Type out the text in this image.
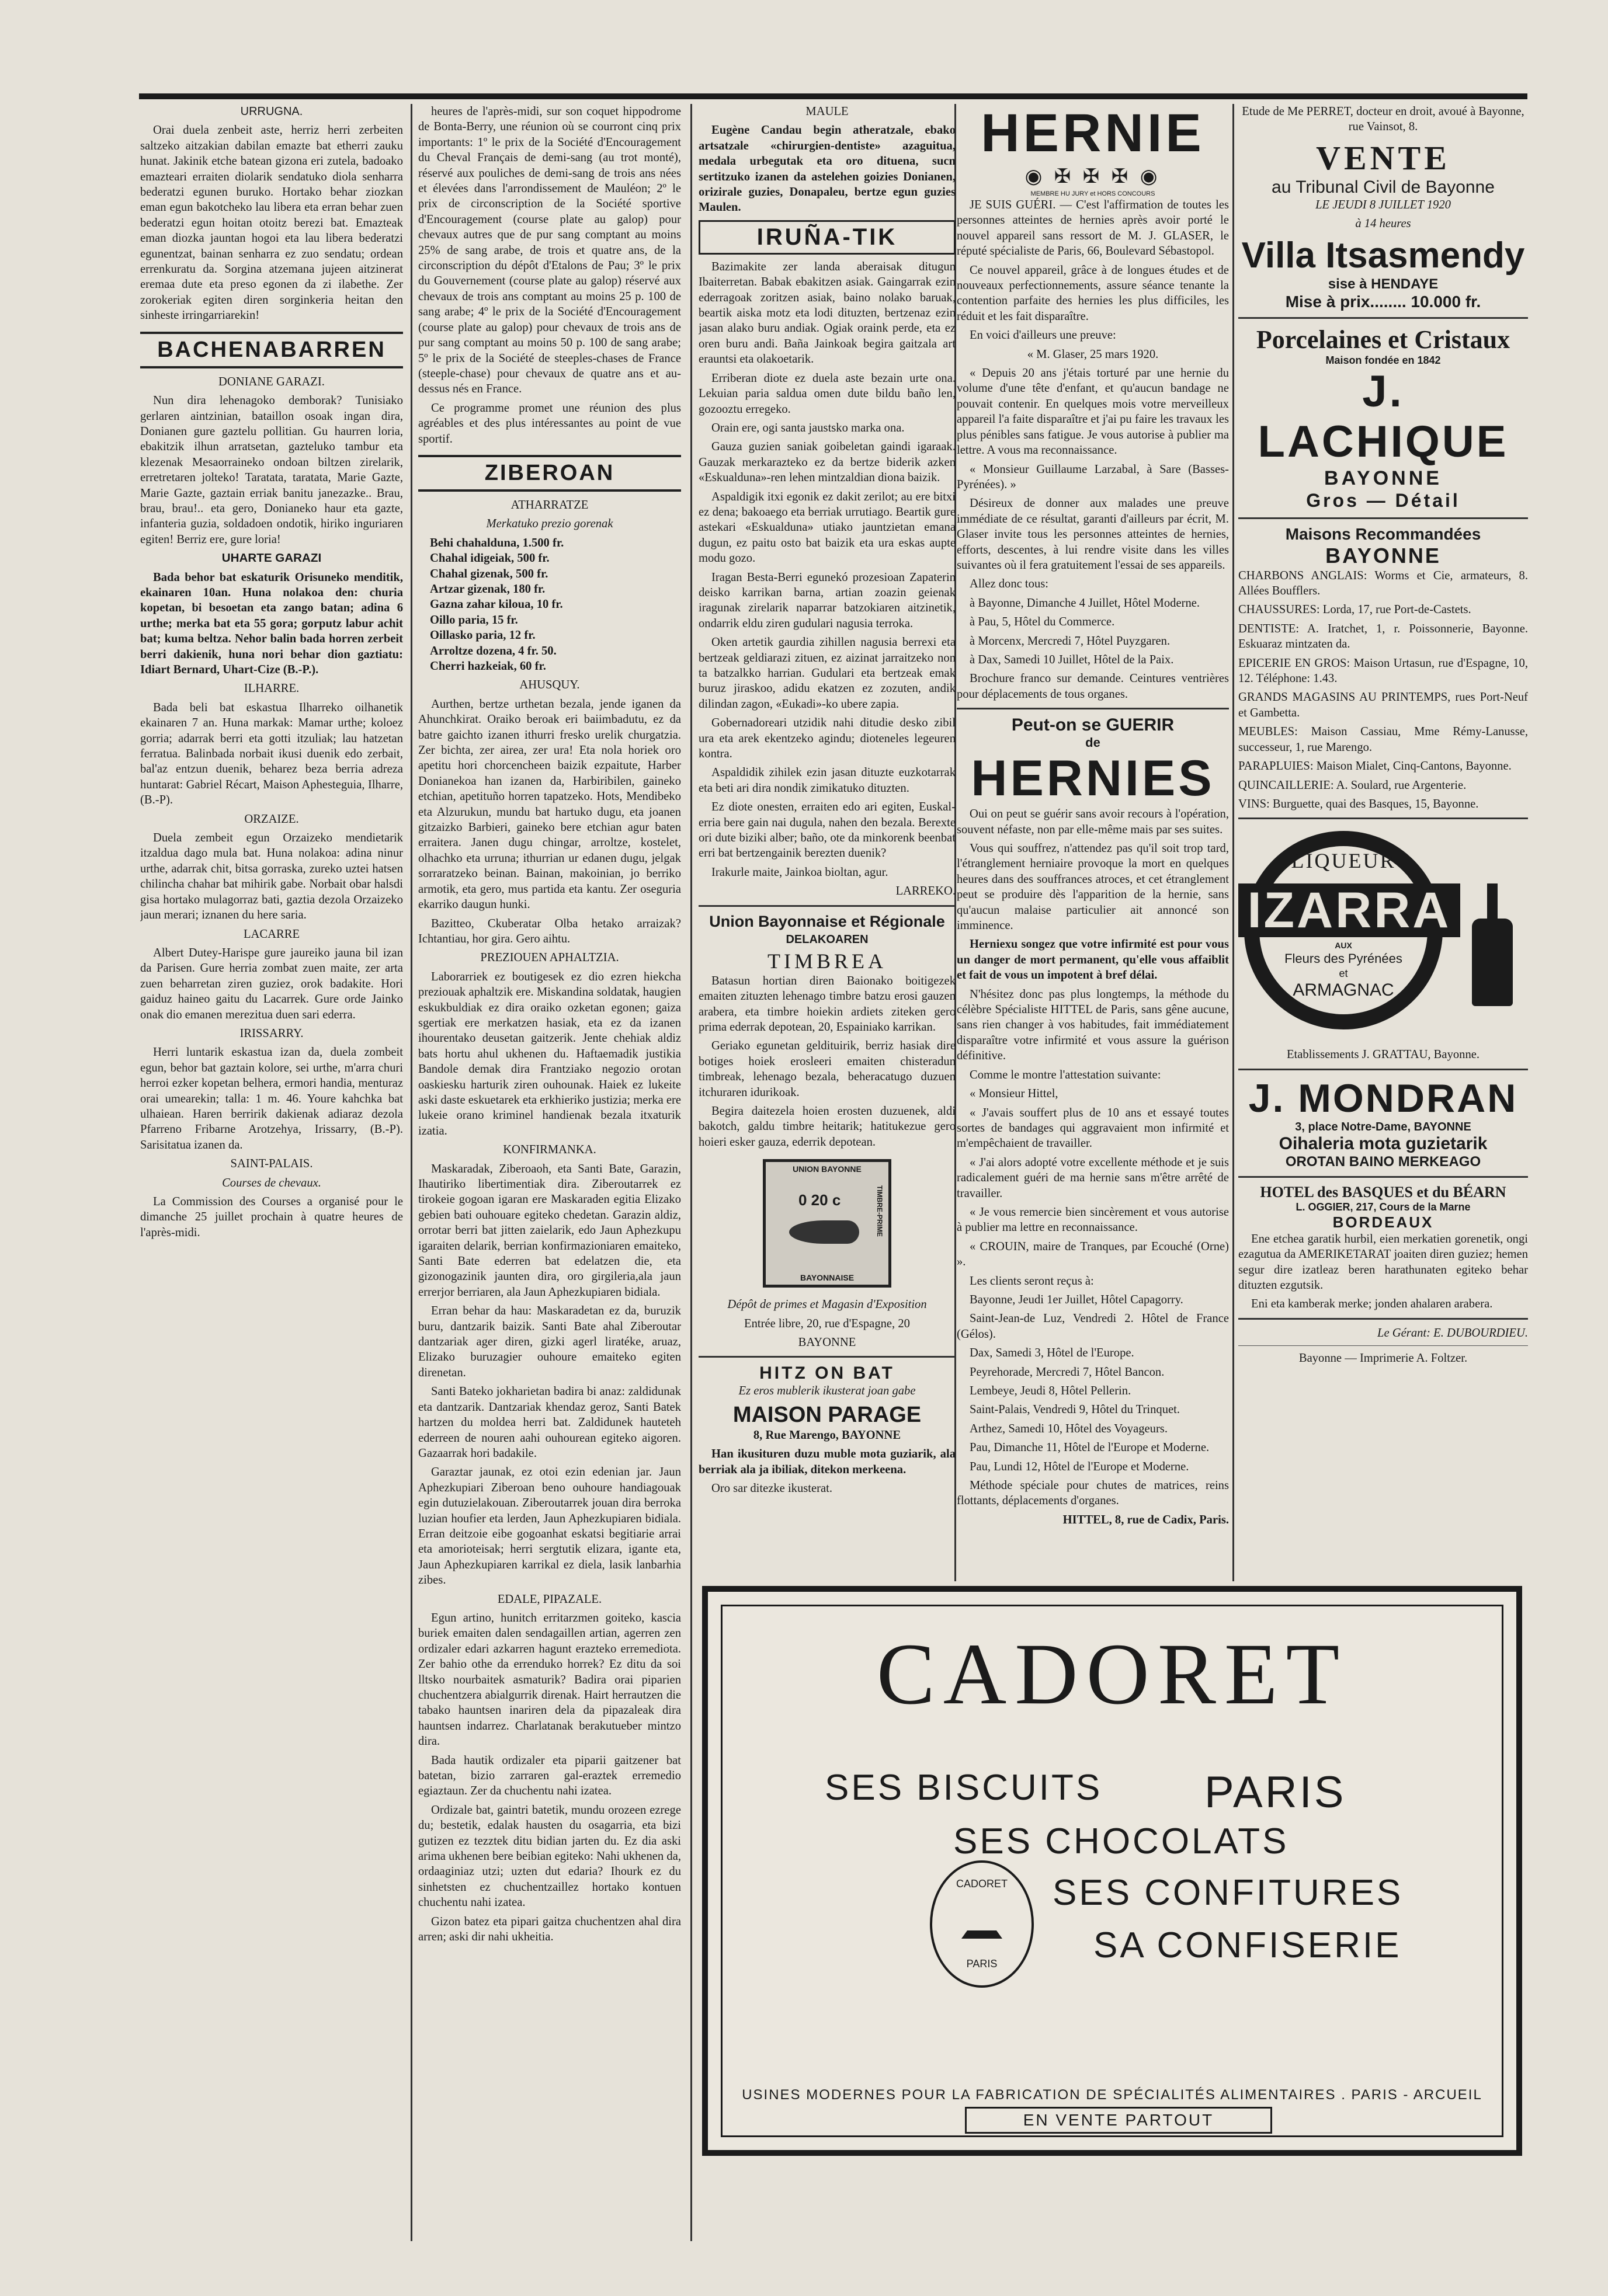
URRUGNA.

Orai duela zenbeit aste, herriz herri zerbeiten saltzeko aitzakian dabilan emazte bat etherri zauku hunat. Jakinik etche batean gizona eri zutela, badoako emazteari erraiten diolarik sendatuko diola senharra bederatzi egunen buruko. Hortako behar ziozkan eman egun bakotcheko lau libera eta erran behar zuen bederatzi egun hoitan otoitz berezi bat. Emazteak eman diozka jauntan hogoi eta lau libera bederatzi egunentzat, bainan senharra ez zuo sendatu; ordean errenkuratu da. Sorgina atzemana jujeen aitzinerat eremaa dute eta preso egonen da zi ilabethe. Zer zorokeriak egiten diren sorginkeria heitan den sinheste irringarriarekin!

BACHENABARREN

DONIANE GARAZI.

Nun dira lehenagoko demborak? Tunisiako gerlaren aintzinian, bataillon osoak ingan dira, Donianen gure gaztelu pollitian. Gu haurren loria, ebakitzik ilhun arratsetan, gazteluko tambur eta klezenak Mesaorraineko ondoan biltzen zirelarik, erretretaren jolteko! Taratata, taratata, Marie Gazte, Marie Gazte, gaztain erriak banitu janezazke.. Brau, brau, brau!.. eta gero, Donianeko haur eta gazte, infanteria guzia, soldadoen ondotik, hiriko inguriaren egiten! Berriz ere, gure loria!

UHARTE GARAZI

Bada behor bat eskaturik Orisuneko menditik, ekainaren 10an. Huna nolakoa den: churia kopetan, bi besoetan eta zango batan; adina 6 urthe; merka bat eta 55 gora; gorputz labur achit bat; kuma beltza. Nehor balin bada horren zerbeit berri dakienik, huna nori behar dion gaztiatu: Idiart Bernard, Uhart-Cize (B.-P.).

ILHARRE.

Bada beli bat eskastua Ilharreko oilhanetik ekainaren 7 an. Huna markak: Mamar urthe; koloez gorria; adarrak berri eta gotti itzuliak; lau hatzetan ferratua. Balinbada norbait ikusi duenik edo zerbait, bal'az entzun duenik, beharez beza berria adreza huntarat: Gabriel Récart, Maison Aphesteguia, Ilharre, (B.-P).

ORZAIZE.

Duela zembeit egun Orzaizeko mendietarik itzaldua dago mula bat. Huna nolakoa: adina ninur urthe, adarrak chit, bitsa gorraska, zureko uztei hatsen chilincha chahar bat mihirik gabe. Norbait obar halsdi gisa hortako mulagorraz bati, gaztia dezola Orzaizeko jaun merari; iznanen du here saria.

LACARRE

Albert Dutey-Harispe gure jaureiko jauna bil izan da Parisen. Gure herria zombat zuen maite, zer arta zuen beharretan ziren guziez, orok badakite. Hori gaiduz haineo gaitu du Lacarrek. Gure orde Jainko onak dio emanen merezitua duen sari ederra.

IRISSARRY.

Herri luntarik eskastua izan da, duela zombeit egun, behor bat gaztain kolore, sei urthe, m'arra churi herroi ezker kopetan belhera, ermori handia, menturaz orai umearekin; talla: 1 m. 46. Youre kahchka bat ulhaiean. Haren berririk dakienak adiaraz dezola Pfarreno Fribarne Arotzehya, Irissarry, (B.-P). Sarisitatua izanen da.

SAINT-PALAIS.

Courses de chevaux.

La Commission des Courses a organisé pour le dimanche 25 juillet prochain à quatre heures de l'après-midi.

heures de l'après-midi, sur son coquet hippodrome de Bonta-Berry, une réunion où se courront cinq prix importants: 1º le prix de la Société d'Encouragement du Cheval Français de demi-sang (au trot monté), réservé aux pouliches de demi-sang de trois ans nées et élevées dans l'arrondissement de Mauléon; 2º le prix de circonscription de la Société sportive d'Encouragement (course plate au galop) pour chevaux autres que de pur sang comptant au moins 25% de sang arabe, de trois et quatre ans, de la circonscription du dépôt d'Etalons de Pau; 3º le prix du Gouvernement (course plate au galop) réservé aux chevaux de trois ans comptant au moins 25 p. 100 de sang arabe; 4º le prix de la Société d'Encouragement (course plate au galop) pour chevaux de trois ans de pur sang comptant au moins 50 p. 100 de sang arabe; 5º le prix de la Société de steeples-chases de France (steeple-chase) pour chevaux de quatre ans et au-dessus nés en France.

Ce programme promet une réunion des plus agréables et des plus intéressantes au point de vue sportif.

ZIBEROAN

ATHARRATZE

Merkatuko prezio gorenak

Behi chahalduna, 1.500 fr.

Chahal idigeiak, 500 fr.

Chahal gizenak, 500 fr.

Artzar gizenak, 180 fr.

Gazna zahar kiloua, 10 fr.

Oillo paria, 15 fr.

Oillasko paria, 12 fr.

Arroltze dozena, 4 fr. 50.

Cherri hazkeiak, 60 fr.

AHUSQUY.

Aurthen, bertze urthetan bezala, jende iganen da Ahunchkirat. Oraiko beroak eri baiimbadutu, ez da batre gaichto izanen ithurri fresko urelik churgatzia. Zer bichta, zer airea, zer ura! Eta nola horiek oro apetitu hori chorcencheen baizik ezpaitute, Harber Donianekoa han izanen da, Harbiribilen, gaineko etchian, apetituño horren tapatzeko. Hots, Mendibeko eta Alzurukun, mundu bat hartuko dugu, eta joanen gitzaizko Barbieri, gaineko bere etchian agur baten erraitera. Janen dugu chingar, arroltze, kostelet, olhachko eta urruna; ithurrian ur edanen dugu, jelgak sorraratzeko beinan. Bainan, makoinian, jo berriko armotik, eta gero, mus partida eta kantu. Zer oseguria ekarriko daugun hunki.

Bazitteo, Ckuberatar Olba hetako arraizak? Ichtantiau, hor gira. Gero aihtu.

PREZIOUEN APHALTZIA.

Laborarriek ez boutigesek ez dio ezren hiekcha preziouak aphaltzik ere. Miskandina soldatak, haugien eskukbuldiak ez dira oraiko ozketan egonen; gaiza sgertiak ere merkatzen hasiak, eta ez da izanen ihourentako deusetan gaitzerik. Jente chehiak aldiz bats hortu ahul ukhenen du. Haftaemadik justikia Bandole demak dira Frantziako negozio orotan oaskiesku harturik ziren ouhounak. Haiek ez lukeite aski daste eskuetarek eta erkhieriko justizia; merka ere lukeie orano kriminel handienak bezala itxaturik izatia.

KONFIRMANKA.

Maskaradak, Ziberoaoh, eta Santi Bate, Garazin, Ihautiriko libertimentiak dira. Ziberoutarrek ez tirokeie gogoan igaran ere Maskaraden egitia Elizako gebien bati ouhouare egiteko chedetan. Garazin aldiz, orrotar berri bat jitten zaielarik, edo Jaun Aphezkupu igaraiten delarik, berrian konfirmazioniaren emaiteko, Santi Bate ederren bat edelatzen die, eta gizonogazinik jaunten dira, oro girgileria,ala jaun errerjor berriaren, ala Jaun Aphezkupiaren bidiala.

Erran behar da hau: Maskaradetan ez da, buruzik buru, dantzarik baizik. Santi Bate ahal Ziberoutar dantzariak ager diren, gizki agerl liratéke, aruaz, Elizako buruzagier ouhoure emaiteko egiten direnetan.

Santi Bateko jokharietan badira bi anaz: zaldidunak eta dantzarik. Dantzariak khendaz geroz, Santi Batek hartzen du moldea herri bat. Zaldidunek hauteteh ederreen de nouren aahi ouhourean egiteko aigoren. Gazaarrak hori badakile.

Garaztar jaunak, ez otoi ezin edenian jar. Jaun Aphezkupiari Ziberoan beno ouhoure handiagouak egin dutuzielakouan. Ziberoutarrek jouan dira berroka luzian houfier eta lerden, Jaun Aphezkupiaren bidiala. Erran deitzoie eibe gogoanhat eskatsi begitiarie arrai eta amorioteisak; herri sergtutik elizara, igante eta, Jaun Aphezkupiaren karrikal ez diela, lasik lanbarhia zibes.

EDALE, PIPAZALE.

Egun artino, hunitch erritarzmen goiteko, kascia buriek emaiten dalen sendagaillen artian, agerren zen ordizaler edari azkarren hagunt erazteko erremediota. Zer bahio othe da errenduko horrek? Ez ditu da soi lltsko nourbaitek asmaturik? Badira orai piparien chuchentzera abialgurrik direnak. Hairt herrautzen die tabako hauntsen inariren dela da pipazaleak dira hauntsen indarrez. Charlatanak berakutueber mintzo dira.

Bada hautik ordizaler eta piparii gaitzener bat batetan, bizio zarraren gal-eraztek erremedio egiaztaun. Zer da chuchentu nahi izatea.

Ordizale bat, gaintri batetik, mundu orozeen ezrege du; bestetik, edalak hausten du osagarria, eta bizi gutizen ez tezztek ditu bidian jarten du. Ez dia aski arima ukhenen bere beibian egiteko: Nahi ukhenen da, ordaaginiaz utzi; uzten dut edaria? Ihourk ez du sinhetsten ez chuchentzaillez hortako kontuen chuchentu nahi izatea.

Gizon batez eta pipari gaitza chuchentzen ahal dira arren; aski dir nahi ukheitia.

MAULE

Eugène Candau begin atheratzale, ebako artsatzale «chirurgien-dentiste» azaguitua, medala urbegutak eta oro dituena, sucn sertitzuko izanen da astelehen goizies Donianen, orizirale guzies, Donapaleu, bertze egun guzies Maulen.

IRUÑA-TIK

Bazimakite zer landa aberaisak ditugun Ibaiterretan. Babak ebakitzen asiak. Gaingarrak ezin ederragoak zoritzen asiak, baino nolako baruak, beartik aiska motz eta lodi dituzten, bertzenaz ezin jasan alako buru andiak. Ogiak oraink perde, eta ez oren buru andi. Baña Jainkoak begira gaitzala art erauntsi eta olakoetarik.

Erriberan diote ez duela aste bezain urte ona. Lekuian paria saldua omen dute bildu baño len, gozooztu erregeko.

Orain ere, ogi santa jaustsko marka ona.

Gauza guzien saniak goibeletan gaindi igaraak. Gauzak merkarazteko ez da bertze biderik azken «Eskualduna»-ren lehen mintzaldian diona baizik.

Aspaldigik itxi egonik ez dakit zerilot; au ere bitxi ez dena; bakoaego eta berriak urrutiago. Beartik gure astekari «Eskualduna» utiako jauntzietan emana dugun, ez paitu osto bat baizik eta ura eskas aupte modu gozo.

Iragan Besta-Berri egunekó prozesioan Zapaterin deisko karrikan barna, artian zoazin geienak iragunak zirelarik naparrar batzokiaren aitzinetik, ondarrik eldu ziren gudulari nagusia terroka.

Oken artetik gaurdia zihillen nagusia berrexi eta bertzeak geldiarazi zituen, ez aizinat jarraitzeko non ta batzalkko harrian. Gudulari eta bertzeak emak buruz jiraskoo, adidu ekatzen ez zozuten, andik dilindan zagon, «Eukadi»-ko ubere zapia.

Gobernadoreari utzidik nahi ditudie desko zibil ura eta arek ekentzeko agindu; dioteneles legeuren kontra.

Aspaldidik zihilek ezin jasan dituzte euzkotarrak eta beti ari dira nondik zimikatuko dituzten.

Ez diote onesten, erraiten edo ari egiten, Euskal-erria bere gain nai dugula, nahen den bezala. Berexte ori dute biziki alber; baño, ote da minkorenk beenbat erri bat bertzengainik berezten duenik?

Irakurle maite, Jainkoa bioltan, agur.

LARREKO.

Union Bayonnaise et Régionale
DELAKOAREN
TIMBREA

Batasun hortian diren Baionako boitigezek emaiten zituzten lehenago timbre batzu erosi gauzen arabera, eta timbre hoiekin ardiets ziteken gero prima ederrak depotean, 20, Espainiako karrikan.

Geriako egunetan geldituirik, berriz hasiak dire botiges hoiek erosleeri emaiten chisteradun timbreak, lehenago bezala, beheracatugo duzuen itchuraren idurikoak.

Begira daitezela hoien erosten duzuenek, aldi bakotch, galdu timbre heitarik; hatitukezue gero hoieri esker gauza, ederrik depotean.

UNION BAYONNE
BAYONNAISE
0 20 c	TIMBRE-PRIME

Dépôt de primes et Magasin d'Exposition

Entrée libre, 20, rue d'Espagne, 20

BAYONNE

HITZ ON BAT

Ez eros mublerik ikusterat joan gabe

MAISON PARAGE

8, Rue Marengo, BAYONNE

Han ikusituren duzu muble mota guziarik, ala berriak ala ja ibiliak, ditekon merkeena.

Oro sar ditezke ikusterat.

HERNIE
◉ ✠ ✠ ✠ ◉
MEMBRE HU JURY et HORS CONCOURS

JE SUIS GUÉRI. — C'est l'affirmation de toutes les personnes atteintes de hernies après avoir porté le nouvel appareil sans ressort de M. J. GLASER, le réputé spécialiste de Paris, 66, Boulevard Sébastopol.

Ce nouvel appareil, grâce à de longues études et de nouveaux perfectionnements, assure séance tenante la contention parfaite des hernies les plus difficiles, les réduit et les fait disparaître.

En voici d'ailleurs une preuve:

« M. Glaser, 25 mars 1920.

« Depuis 20 ans j'étais torturé par une hernie du volume d'une tête d'enfant, et qu'aucun bandage ne pouvait contenir. En quelques mois votre merveilleux appareil l'a faite disparaître et j'ai pu faire les travaux les plus pénibles sans fatigue. Je vous autorise à publier ma lettre. A vous ma reconnaissance.

« Monsieur Guillaume Larzabal, à Sare (Basses-Pyrénées). »

Désireux de donner aux malades une preuve immédiate de ce résultat, garanti d'ailleurs par écrit, M. Glaser invite tous les personnes atteintes de hernies, efforts, descentes, à lui rendre visite dans les villes suivantes où il fera gratuitement l'essai de ses appareils.

Allez donc tous:

à Bayonne, Dimanche 4 Juillet, Hôtel Moderne.

à Pau, 5, Hôtel du Commerce.

à Morcenx, Mercredi 7, Hôtel Puyzgaren.

à Dax, Samedi 10 Juillet, Hôtel de la Paix.

Brochure franco sur demande. Ceintures ventrières pour déplacements de tous organes.

Peut-on se GUERIR
de
HERNIES

Oui on peut se guérir sans avoir recours à l'opération, souvent néfaste, non par elle-même mais par ses suites.

Vous qui souffrez, n'attendez pas qu'il soit trop tard, l'étranglement herniaire provoque la mort en quelques heures dans des souffrances atroces, et cet étranglement peut se produire dès l'apparition de la hernie, sans qu'aucun malaise particulier ait annoncé son imminence.

Herniexu songez que votre infirmité est pour vous un danger de mort permanent, qu'elle vous affaiblit et fait de vous un impotent à bref délai.

N'hésitez donc pas plus longtemps, la méthode du célèbre Spécialiste HITTEL de Paris, sans gêne aucune, sans rien changer à vos habitudes, fait immédiatement disparaître votre infirmité et vous assure la guérison définitive.

Comme le montre l'attestation suivante:

« Monsieur Hittel,

« J'avais souffert plus de 10 ans et essayé toutes sortes de bandages qui aggravaient mon infirmité et m'empêchaient de travailler.

« J'ai alors adopté votre excellente méthode et je suis radicalement guéri de ma hernie sans m'être arrêté de travailler.

« Je vous remercie bien sincèrement et vous autorise à publier ma lettre en reconnaissance.

« CROUIN, maire de Tranques, par Ecouché (Orne) ».

Les clients seront reçus à:

Bayonne, Jeudi 1er Juillet, Hôtel Capagorry.

Saint-Jean-de Luz, Vendredi 2. Hôtel de France (Gélos).

Dax, Samedi 3, Hôtel de l'Europe.

Peyrehorade, Mercredi 7, Hôtel Bancon.

Lembeye, Jeudi 8, Hôtel Pellerin.

Saint-Palais, Vendredi 9, Hôtel du Trinquet.

Arthez, Samedi 10, Hôtel des Voyageurs.

Pau, Dimanche 11, Hôtel de l'Europe et Moderne.

Pau, Lundi 12, Hôtel de l'Europe et Moderne.

Méthode spéciale pour chutes de matrices, reins flottants, déplacements d'organes.

HITTEL, 8, rue de Cadix, Paris.

Etude de Me PERRET, docteur en droit, avoué à Bayonne, rue Vainsot, 8.

VENTE
au Tribunal Civil de Bayonne

LE JEUDI 8 JUILLET 1920

à 14 heures

Villa Itsasmendy
sise à HENDAYE
Mise à prix........ 10.000 fr.
Porcelaines et Cristaux
Maison fondée en 1842
J. LACHIQUE
BAYONNE
Gros — Détail
Maisons Recommandées
BAYONNE

CHARBONS ANGLAIS: Worms et Cie, armateurs, 8. Allées Boufflers.

CHAUSSURES: Lorda, 17, rue Port-de-Castets.

DENTISTE: A. Iratchet, 1, r. Poissonnerie, Bayonne. Eskuaraz mintzaten da.

EPICERIE EN GROS: Maison Urtasun, rue d'Espagne, 10, 12. Téléphone: 1.43.

GRANDS MAGASINS AU PRINTEMPS, rues Port-Neuf et Gambetta.

MEUBLES: Maison Cassiau, Mme Rémy-Lanusse, successeur, 1, rue Marengo.

PARAPLUIES: Maison Mialet, Cinq-Cantons, Bayonne.

QUINCAILLERIE: A. Soulard, rue Argenterie.

VINS: Burguette, quai des Basques, 15, Bayonne.

LIQUEUR
IZARRA
AUX
Fleurs des Pyrénées
et
ARMAGNAC

Etablissements J. GRATTAU, Bayonne.

J. MONDRAN
3, place Notre-Dame, BAYONNE
Oihaleria mota guzietarik
OROTAN BAINO MERKEAGO
HOTEL des BASQUES et du BÉARN
L. OGGIER, 217, Cours de la Marne
BORDEAUX

Ene etchea garatik hurbil, eien merkatien gorenetik, ongi ezagutua da AMERIKETARAT joaiten diren guziez; hemen segur dire izatleaz beren harathunaten egiteko behar dituzten ezgutsik.

Eni eta kamberak merke; jonden ahalaren arabera.

Le Gérant: E. DUBOURDIEU.

Bayonne — Imprimerie A. Foltzer.

CADORET
SES BISCUITS PARIS
SES CHOCOLATS
SES CONFITURES
SA CONFISERIE
CADORET
PARIS
USINES MODERNES POUR LA FABRICATION DE SPÉCIALITÉS ALIMENTAIRES . PARIS - ARCUEIL
EN VENTE PARTOUT
